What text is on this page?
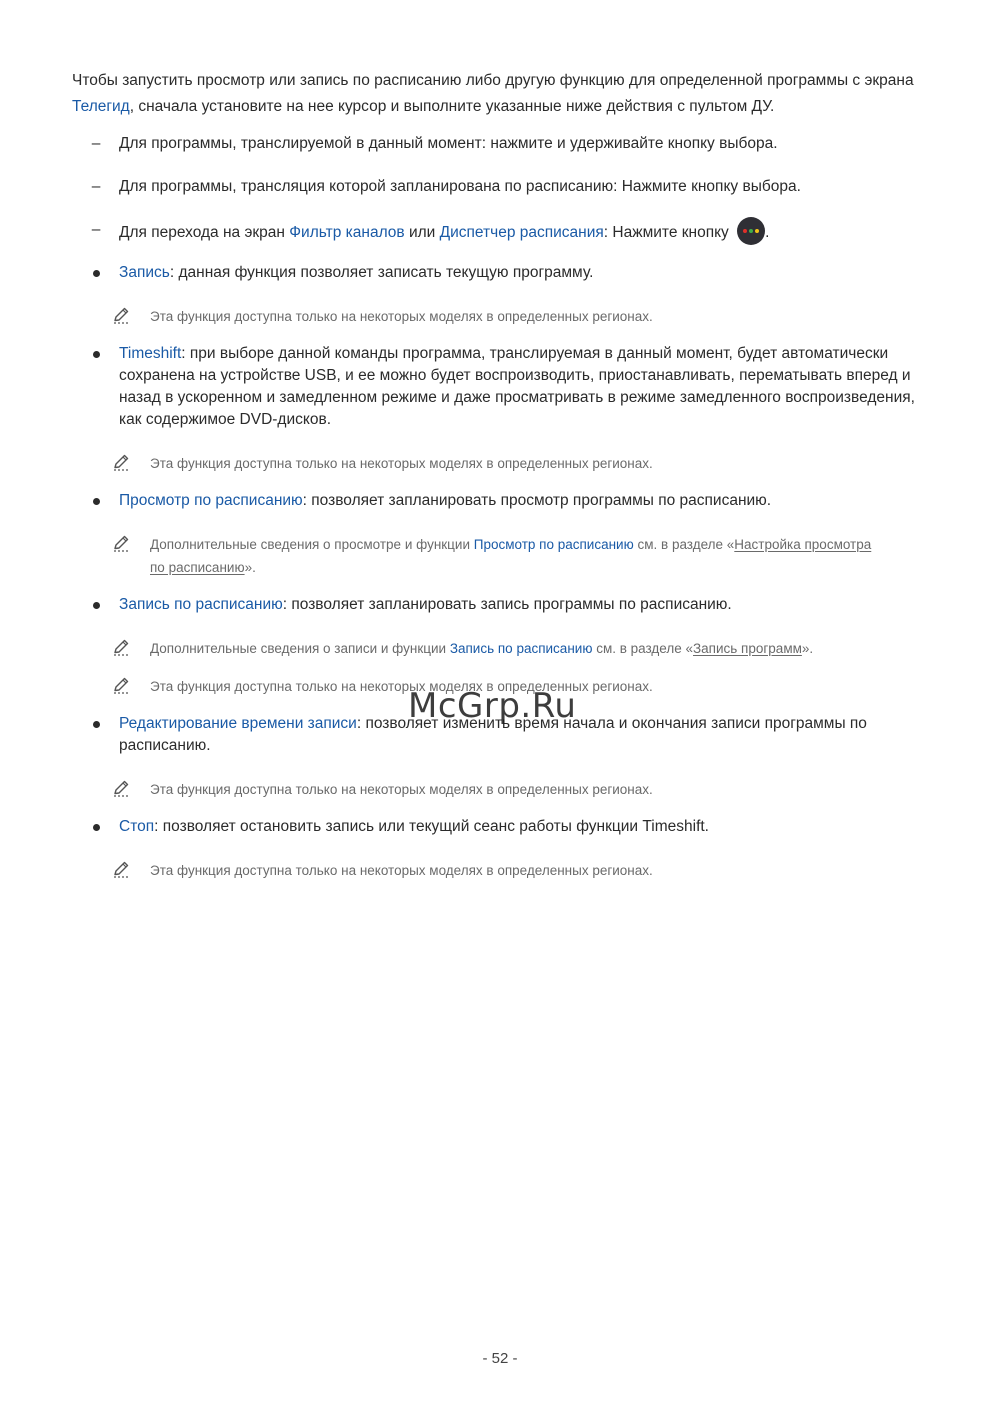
Чтобы запустить просмотр или запись по расписанию либо другую функцию для определенной программы с экрана Телегид, сначала установите на нее курсор и выполните указанные ниже действия с пультом ДУ.
–	Для программы, транслируемой в данный момент: нажмите и удерживайте кнопку выбора.
–	Для программы, трансляция которой запланирована по расписанию: Нажмите кнопку выбора.
–	Для перехода на экран Фильтр каналов или Диспетчер расписания: Нажмите кнопку
.
Запись: данная функция позволяет записать текущую программу.
Эта функция доступна только на некоторых моделях в определенных регионах.
Timeshift: при выборе данной команды программа, транслируемая в данный момент, будет автоматически сохранена на устройстве USB, и ее можно будет воспроизводить, приостанавливать, перематывать вперед и назад в ускоренном и замедленном режиме и даже просматривать в режиме замедленного воспроизведения, как содержимое DVD-дисков.
Эта функция доступна только на некоторых моделях в определенных регионах.
Просмотр по расписанию: позволяет запланировать просмотр программы по расписанию.
Дополнительные сведения о просмотре и функции Просмотр по расписанию см. в разделе «Настройка просмотра по расписанию».
Запись по расписанию: позволяет запланировать запись программы по расписанию.
Дополнительные сведения о записи и функции Запись по расписанию см. в разделе «Запись программ».
Эта функция доступна только на некоторых моделях в определенных регионах.
Редактирование времени записи: позволяет изменить время начала и окончания записи программы по расписанию.
Эта функция доступна только на некоторых моделях в определенных регионах.
Стоп: позволяет остановить запись или текущий сеанс работы функции Timeshift.
Эта функция доступна только на некоторых моделях в определенных регионах.
McGrp.Ru
- 52 -
